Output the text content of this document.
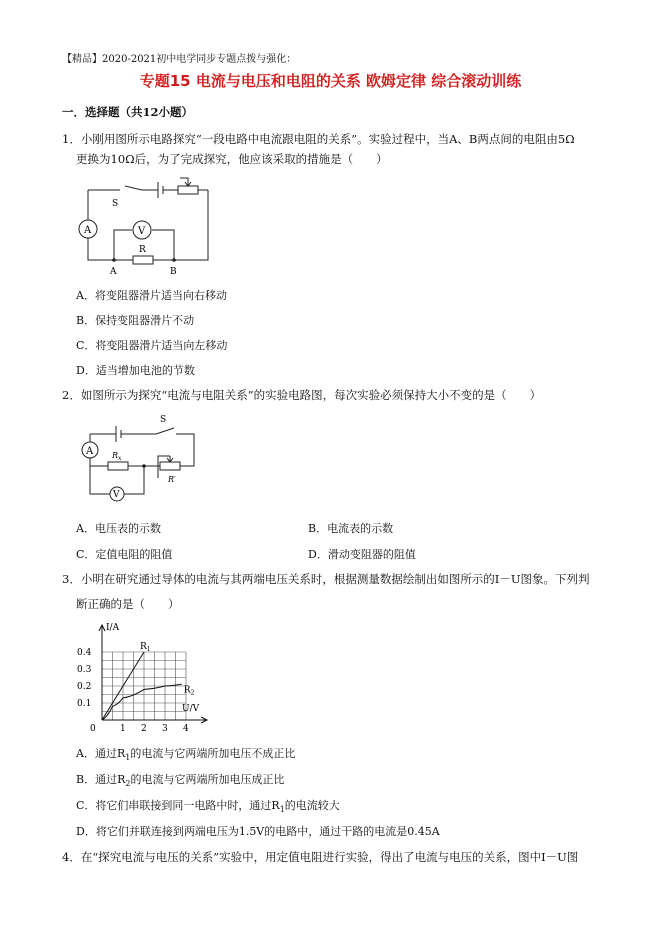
【精品】2020-2021初中电学同步专题点拨与强化：
专题15 电流与电压和电阻的关系 欧姆定律 综合滚动训练
一．选择题（共12小题）
1．小刚用图所示电路探究“一段电路中电流跟电阻的关系”。实验过程中，当A、B两点间的电阻由5Ω
更换为10Ω后，为了完成探究，他应该采取的措施是（　　）
S
A	V
R
A	B
A．将变阻器滑片适当向右移动
B．保持变阻器滑片不动
C．将变阻器滑片适当向左移动
D．适当增加电池的节数
2．如图所示为探究“电流与电阻关系”的实验电路图，每次实验必须保持大小不变的是（　　）
S
A
V
$R_x$
R′
A．电压表的示数	B．电流表的示数
C．定值电阻的阻值	D．滑动变阻器的阻值
3．小明在研究通过导体的电流与其两端电压关系时，根据测量数据绘制出如图所示的I－U图象。下列判
断正确的是（　　）
0	1 2 3 4
0.1
0.2
0.3
0.4
I/A
U/V
$R_1$
$R_2$
A．通过$R_1$的电流与它两端所加电压不成正比
B．通过$R_2$的电流与它两端所加电压成正比
C．将它们串联接到同一电路中时，通过$R_1$的电流较大
D．将它们并联连接到两端电压为1.5V的电路中，通过干路的电流是0.45A
4．在“探究电流与电压的关系”实验中，用定值电阻进行实验，得出了电流与电压的关系，图中I－U图
